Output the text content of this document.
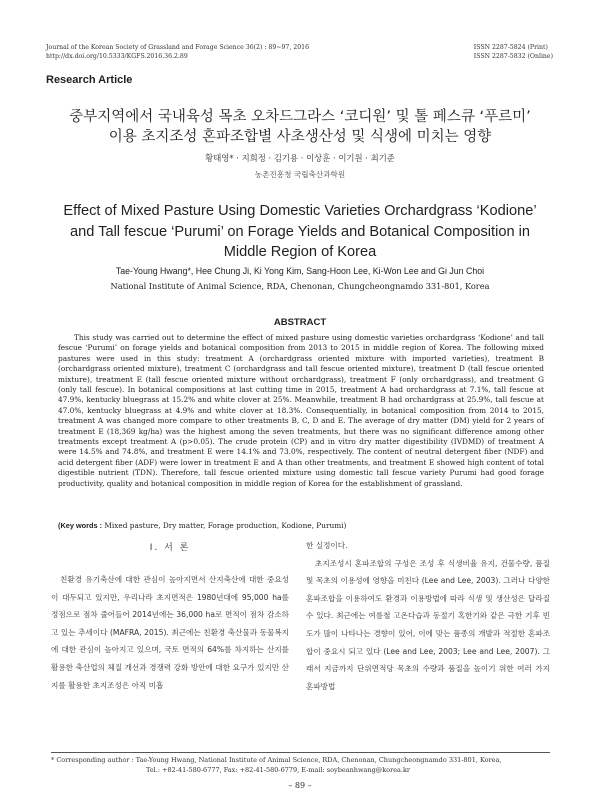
Journal of the Korean Society of Grassland and Forage Science 36(2) : 89~97, 2016
http://dx.doi.org/10.5333/KGFS.2016.36.2.89
ISSN 2287-5824 (Print)
ISSN 2287-5832 (Online)
Research Article
중부지역에서 국내육성 목초 오차드그라스 ‘코디원’ 및 톨 페스큐 ‘푸르미’
이용 초지조성 혼파조합별 사초생산성 및 식생에 미치는 영향
황태영* · 지희정 · 김기용 · 이상훈 · 이기원 · 최기준
농촌진흥청 국립축산과학원
Effect of Mixed Pasture Using Domestic Varieties Orchardgrass ‘Kodione’
and Tall fescue ‘Purumi’ on Forage Yields and Botanical Composition in
Middle Region of Korea
Tae-Young Hwang*, Hee Chung Ji, Ki Yong Kim, Sang-Hoon Lee, Ki-Won Lee and Gi Jun Choi
National Institute of Animal Science, RDA, Chenonan, Chungcheongnamdo 331-801, Korea
ABSTRACT
This study was carried out to determine the effect of mixed pasture using domestic varieties orchardgrass ‘Kodione’ and tall fescue ‘Purumi’ on forage yields and botanical composition from 2013 to 2015 in middle region of Korea. The following mixed pastures were used in this study: treatment A (orchardgrass oriented mixture with imported varieties), treatment B (orchardgrass oriented mixture), treatment C (orchardgrass and tall fescue oriented mixture), treatment D (tall fescue oriented mixture), treatment E (tall fescue oriented mixture without orchardgrass), treatment F (only orchardgrass), and treatment G (only tall fescue). In botanical compositions at last cutting time in 2015, treatment A had orchardgrass at 7.1%, tall fescue at 47.9%, kentucky bluegrass at 15.2% and white clover at 25%. Meanwhile, treatment B had orchardgrass at 25.9%, tall fescue at 47.0%, kentucky bluegrass at 4.9% and white clover at 18.3%. Consequentially, in botanical composition from 2014 to 2015, treatment A was changed more compare to other treatments B, C, D and E. The average of dry matter (DM) yield for 2 years of treatment E (18,369 kg/ha) was the highest among the seven treatments, but there was no significant difference among other treatments except treatment A (p>0.05). The crude protein (CP) and in vitro dry matter digestibility (IVDMD) of treatment A were 14.5% and 74.8%, and treatment E were 14.1% and 73.0%, respectively. The content of neutral detergent fiber (NDF) and acid detergent fiber (ADF) were lower in treatment E and A than other treatments, and treatment E showed high content of total digestible nutrient (TDN). Therefore, tall fescue oriented mixture using domestic tall fescue variety Purumi had good forage productivity, quality and botanical composition in middle region of Korea for the establishment of grassland.
(Key words : Mixed pasture, Dry matter, Forage production, Kodione, Purumi)
Ⅰ. 서 론

친환경 유기축산에 대한 관심이 높아지면서 산지축산에 대한 중요성이 대두되고 있지만, 우리나라 초지면적은 1980년대에 95,000 ha를 정점으로 점차 줄어들어 2014년에는 36,000 ha로 면적이 점차 감소하고 있는 추세이다 (MAFRA, 2015). 최근에는 친환경 축산물과 동물복지에 대한 관심이 높아지고 있으며, 국토 면적의 64%를 차지하는 산지를 활용한 축산업의 체질 개선과 경쟁력 강화 방안에 대한 요구가 있지만 산지를 활용한 초지조성은 아직 미흡

한 실정이다.

초지조성시 혼파조합의 구성은 조성 후 식생비율 유지, 건물수량, 품질 및 목초의 이용성에 영향을 미친다 (Lee and Lee, 2003). 그러나 다양한 혼파조합을 이용하여도 환경과 이용방법에 따라 식생 및 생산성은 달라질 수 있다. 최근에는 여름철 고온다습과 동절기 혹한기와 같은 극한 기후 빈도가 많이 나타나는 경향이 있어, 이에 맞는 품종의 개발과 적절한 혼파조합이 중요시 되고 있다 (Lee and Lee, 2003; Lee and Lee, 2007). 그래서 지금까지 단위면적당 목초의 수량과 품질을 높이기 위한 여러 가지 혼파방법

* Corresponding author : Tae-Young Hwang, National Institute of Animal Science, RDA, Chenonan, Chungcheongnamdo 331-801, Korea,
Tel.: +82-41-580-6777, Fax: +82-41-580-6779, E-mail: soybeanhwang@korea.kr
– 89 –
